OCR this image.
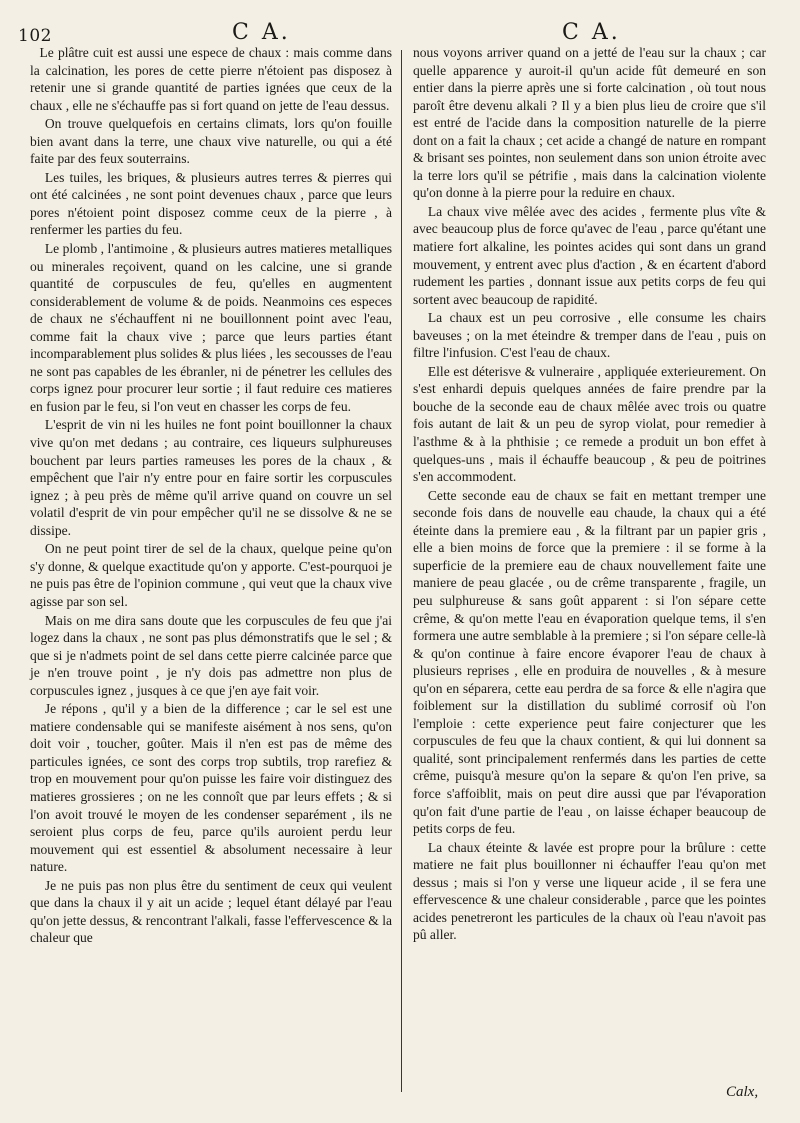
102	C A.	C A.

Le plâtre cuit est aussi une espece de chaux : mais comme dans la calcination, les pores de cette pierre n'étoient pas disposez à retenir une si grande quantité de parties ignées que ceux de la chaux , elle ne s'échauffe pas si fort quand on jette de l'eau dessus.

On trouve quelquefois en certains climats, lors qu'on fouille bien avant dans la terre, une chaux vive naturelle, ou qui a été faite par des feux souterrains.

Les tuiles, les briques, & plusieurs autres terres & pierres qui ont été calcinées , ne sont point devenues chaux , parce que leurs pores n'étoient point disposez comme ceux de la pierre , à renfermer les parties du feu.

Le plomb , l'antimoine , & plusieurs autres matieres metalliques ou minerales reçoivent, quand on les calcine, une si grande quantité de corpuscules de feu, qu'elles en augmentent considerablement de volume & de poids. Neanmoins ces especes de chaux ne s'échauffent ni ne bouillonnent point avec l'eau, comme fait la chaux vive ; parce que leurs parties étant incomparablement plus solides & plus liées , les secousses de l'eau ne sont pas capables de les ébranler, ni de pénetrer les cellules des corps ignez pour procurer leur sortie ; il faut reduire ces matieres en fusion par le feu, si l'on veut en chasser les corps de feu.

L'esprit de vin ni les huiles ne font point bouillonner la chaux vive qu'on met dedans ; au contraire, ces liqueurs sulphureuses bouchent par leurs parties rameuses les pores de la chaux , & empêchent que l'air n'y entre pour en faire sortir les corpuscules ignez ; à peu près de même qu'il arrive quand on couvre un sel volatil d'esprit de vin pour empêcher qu'il ne se dissolve & ne se dissipe.

On ne peut point tirer de sel de la chaux, quelque peine qu'on s'y donne, & quelque exactitude qu'on y apporte. C'est-pourquoi je ne puis pas être de l'opinion commune , qui veut que la chaux vive agisse par son sel.

Mais on me dira sans doute que les corpuscules de feu que j'ai logez dans la chaux , ne sont pas plus démonstratifs que le sel ; & que si je n'admets point de sel dans cette pierre calcinée parce que je n'en trouve point , je n'y dois pas admettre non plus de corpuscules ignez , jusques à ce que j'en aye fait voir.

Je répons , qu'il y a bien de la difference ; car le sel est une matiere condensable qui se manifeste aisément à nos sens, qu'on doit voir , toucher, goûter. Mais il n'en est pas de même des particules ignées, ce sont des corps trop subtils, trop rarefiez & trop en mouvement pour qu'on puisse les faire voir distinguez des matieres grossieres ; on ne les connoît que par leurs effets ; & si l'on avoit trouvé le moyen de les condenser separément , ils ne seroient plus corps de feu, parce qu'ils auroient perdu leur mouvement qui est essentiel & absolument necessaire à leur nature.

Je ne puis pas non plus être du sentiment de ceux qui veulent que dans la chaux il y ait un acide ; lequel étant délayé par l'eau qu'on jette dessus, & rencontrant l'alkali, fasse l'effervescence & la chaleur que

nous voyons arriver quand on a jetté de l'eau sur la chaux ; car quelle apparence y auroit-il qu'un acide fût demeuré en son entier dans la pierre après une si forte calcination , où tout nous paroît être devenu alkali ? Il y a bien plus lieu de croire que s'il est entré de l'acide dans la composition naturelle de la pierre dont on a fait la chaux ; cet acide a changé de nature en rompant & brisant ses pointes, non seulement dans son union étroite avec la terre lors qu'il se pétrifie , mais dans la calcination violente qu'on donne à la pierre pour la reduire en chaux.

La chaux vive mêlée avec des acides , fermente plus vîte & avec beaucoup plus de force qu'avec de l'eau , parce qu'étant une matiere fort alkaline, les pointes acides qui sont dans un grand mouvement, y entrent avec plus d'action , & en écartent d'abord rudement les parties , donnant issue aux petits corps de feu qui sortent avec beaucoup de rapidité.

La chaux est un peu corrosive , elle consume les chairs baveuses ; on la met éteindre & tremper dans de l'eau , puis on filtre l'infusion. C'est l'eau de chaux.

Elle est déterisve & vulneraire , appliquée exterieurement. On s'est enhardi depuis quelques années de faire prendre par la bouche de la seconde eau de chaux mêlée avec trois ou quatre fois autant de lait & un peu de syrop violat, pour remedier à l'asthme & à la phthisie ; ce remede a produit un bon effet à quelques-uns , mais il échauffe beaucoup , & peu de poitrines s'en accommodent.

Cette seconde eau de chaux se fait en mettant tremper une seconde fois dans de nouvelle eau chaude, la chaux qui a été éteinte dans la premiere eau , & la filtrant par un papier gris , elle a bien moins de force que la premiere : il se forme à la superficie de la premiere eau de chaux nouvellement faite une maniere de peau glacée , ou de crême transparente , fragile, un peu sulphureuse & sans goût apparent : si l'on sépare cette crême, & qu'on mette l'eau en évaporation quelque tems, il s'en formera une autre semblable à la premiere ; si l'on sépare celle-là & qu'on continue à faire encore évaporer l'eau de chaux à plusieurs reprises , elle en produira de nouvelles , & à mesure qu'on en séparera, cette eau perdra de sa force & elle n'agira que foiblement sur la distillation du sublimé corrosif où l'on l'emploie : cette experience peut faire conjecturer que les corpuscules de feu que la chaux contient, & qui lui donnent sa qualité, sont principalement renfermés dans les parties de cette crême, puisqu'à mesure qu'on la separe & qu'on l'en prive, sa force s'affoiblit, mais on peut dire aussi que par l'évaporation qu'on fait d'une partie de l'eau , on laisse échaper beaucoup de petits corps de feu.

La chaux éteinte & lavée est propre pour la brûlure : cette matiere ne fait plus bouillonner ni échauffer l'eau qu'on met dessus ; mais si l'on y verse une liqueur acide , il se fera une effervescence & une chaleur considerable , parce que les pointes acides penetreront les particules de la chaux où l'eau n'avoit pas pû aller.

Calx,
